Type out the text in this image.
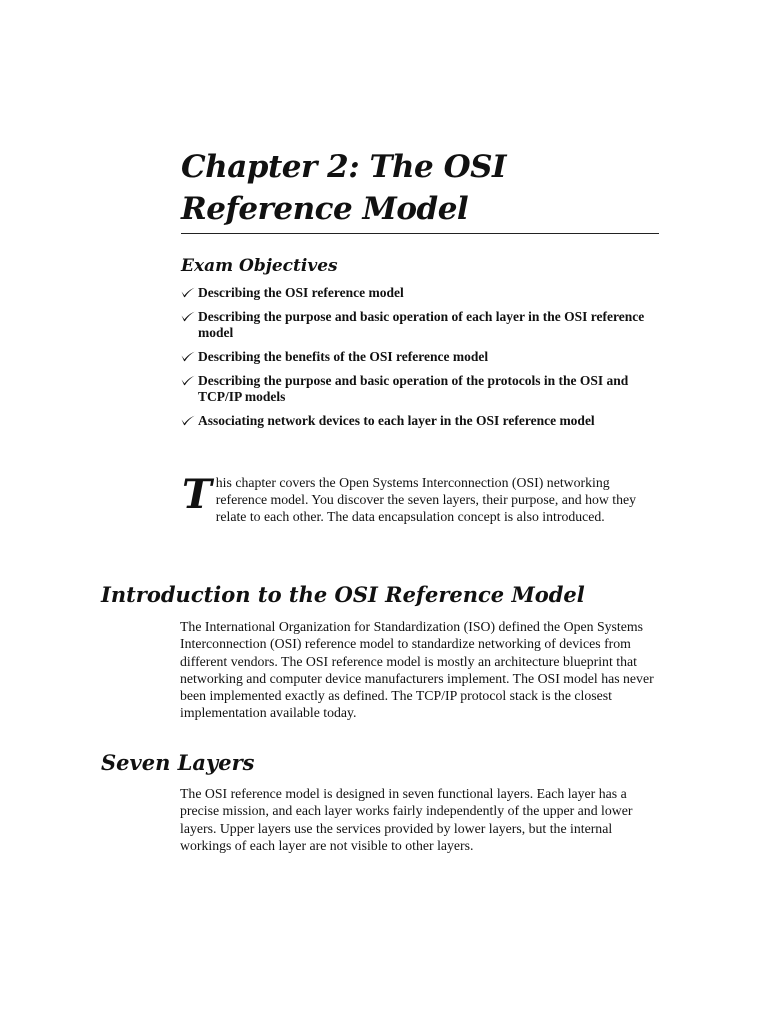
Chapter 2: The OSI
Reference Model
Exam Objectives
Describing the OSI reference model
Describing the purpose and basic operation of each layer in the OSI reference model
Describing the benefits of the OSI reference model
Describing the purpose and basic operation of the protocols in the OSI and TCP/IP models
Associating network devices to each layer in the OSI reference model

This chapter covers the Open Systems Interconnection (OSI) networking reference model. You discover the seven layers, their purpose, and how they relate to each other. The data encapsulation concept is also introduced.

Introduction to the OSI Reference Model

The International Organization for Standardization (ISO) defined the Open Systems Interconnection (OSI) reference model to standardize networking of devices from different vendors. The OSI reference model is mostly an architecture blueprint that networking and computer device manufacturers implement. The OSI model has never been implemented exactly as defined. The TCP/IP protocol stack is the closest implementation available today.

Seven Layers

The OSI reference model is designed in seven functional layers. Each layer has a precise mission, and each layer works fairly independently of the upper and lower layers. Upper layers use the services provided by lower layers, but the internal workings of each layer are not visible to other layers.
